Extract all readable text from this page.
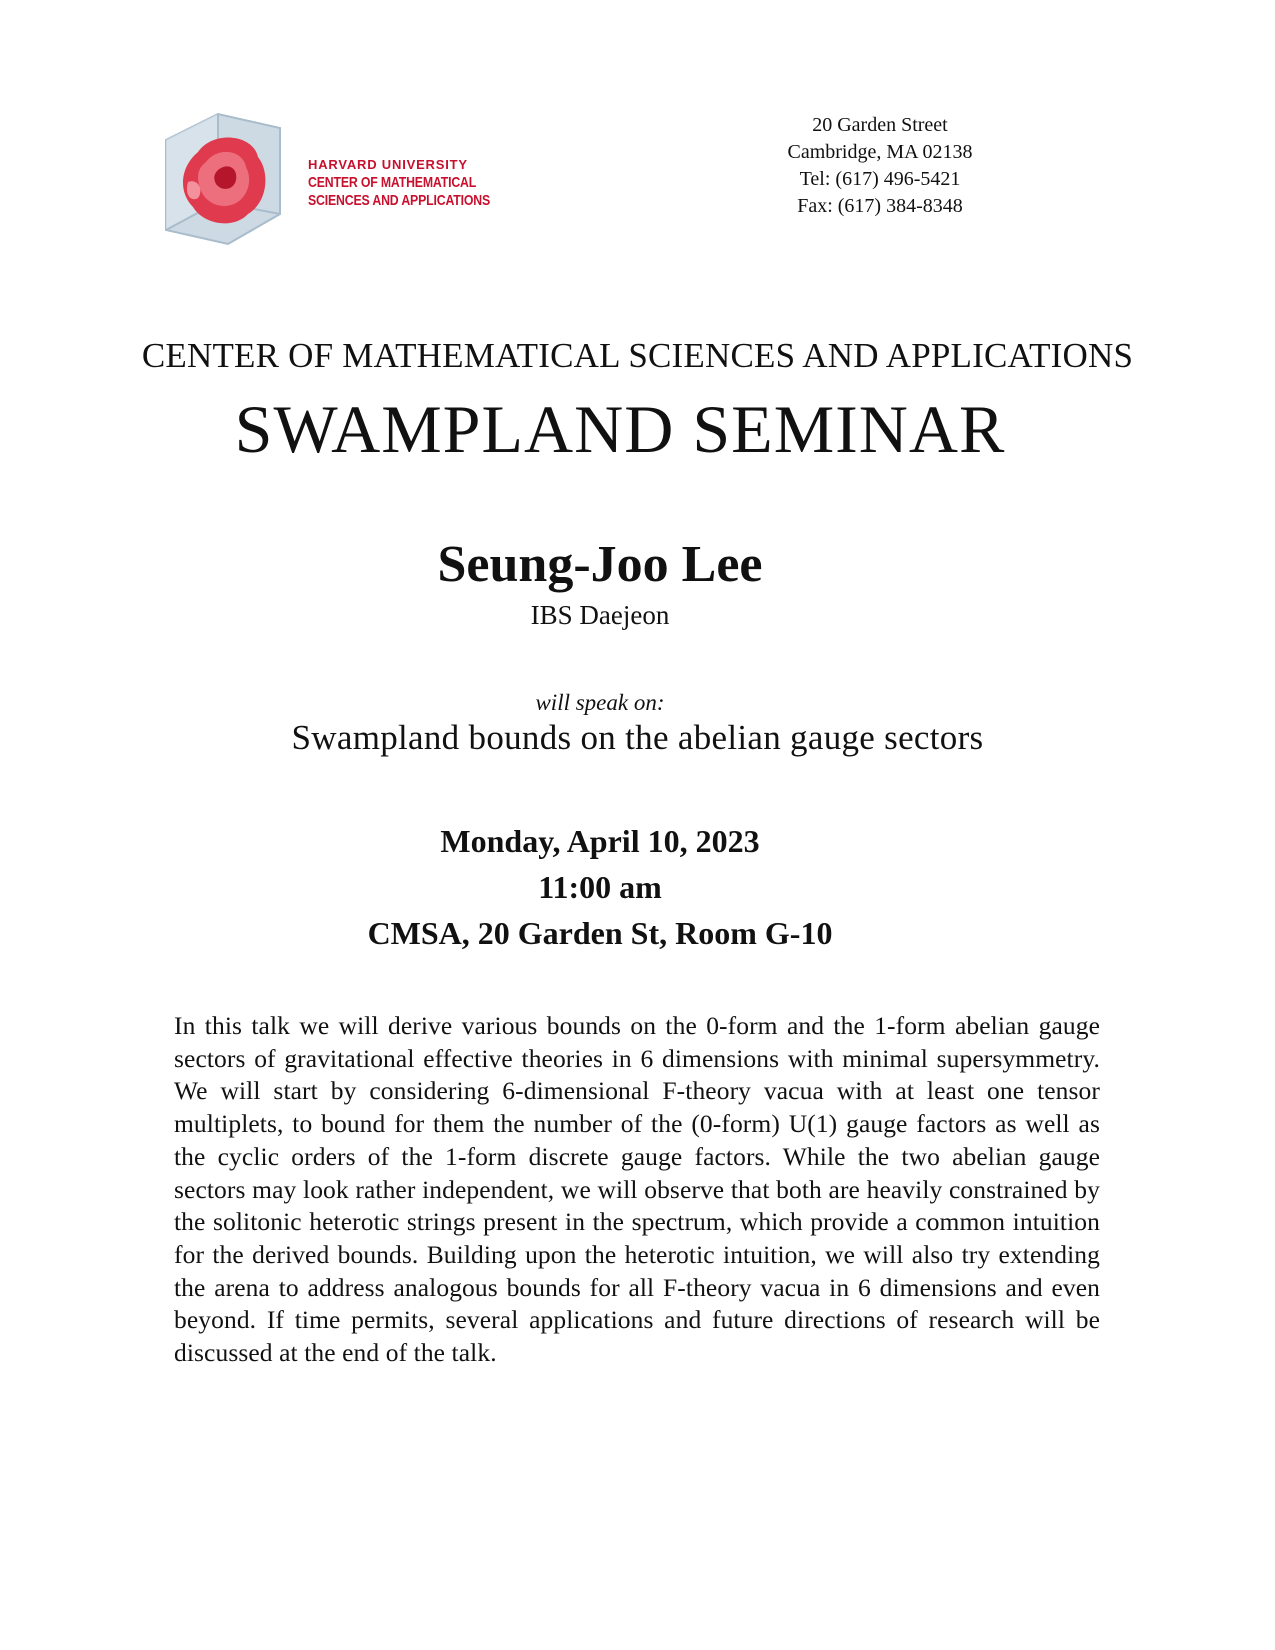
HARVARD UNIVERSITY
CENTER OF MATHEMATICAL
SCIENCES AND APPLICATIONS
20 Garden Street
Cambridge, MA 02138
Tel: (617) 496-5421
Fax: (617) 384-8348
CENTER OF MATHEMATICAL SCIENCES AND APPLICATIONS
SWAMPLAND SEMINAR
Seung-Joo Lee
IBS Daejeon
will speak on:
Swampland bounds on the abelian gauge sectors
Monday, April 10, 2023
11:00 am
CMSA, 20 Garden St, Room G-10
In this talk we will derive various bounds on the 0-form and the 1-form abelian gauge sectors of gravitational effective theories in 6 dimensions with minimal supersymmetry. We will start by considering 6-dimensional F-theory vacua with at least one tensor multiplets, to bound for them the number of the (0-form) U(1) gauge factors as well as the cyclic orders of the 1-form discrete gauge factors. While the two abelian gauge sectors may look rather independent, we will observe that both are heavily constrained by the solitonic heterotic strings present in the spectrum, which provide a common intuition for the derived bounds. Building upon the heterotic intuition, we will also try extending the arena to address analogous bounds for all F-theory vacua in 6 dimensions and even beyond. If time permits, several applications and future directions of research will be discussed at the end of the talk.
